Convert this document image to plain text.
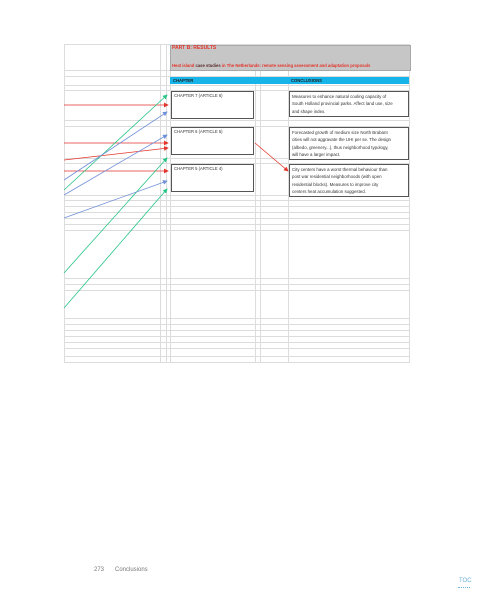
PART B: RESULTS
Heat island case studies in The Netherlands: remote sensing assessment and adaptation proposals
CHAPTER	CONCLUSIONS
CHAPTER 7 (ARTICLE 6)
CHAPTER 6 (ARTICLE 5)
CHAPTER 5 (ARTICLE 4)
Measures to enhance natural cooling capacity of
South Holland provincial parks. Affect land use, size
and shape index.
Forecasted growth of medium size North Brabant
cities will not aggravate the UHI per se. The design
(albedo, greenery...), thus neighborhood typology,
will have a larger impact.
City centers have a worst thermal behaviour than
post war residential neighborhoods (with open
residential blocks). Measures to improve city
centers heat accumulation suggested.
273 Conclusions
TOC
